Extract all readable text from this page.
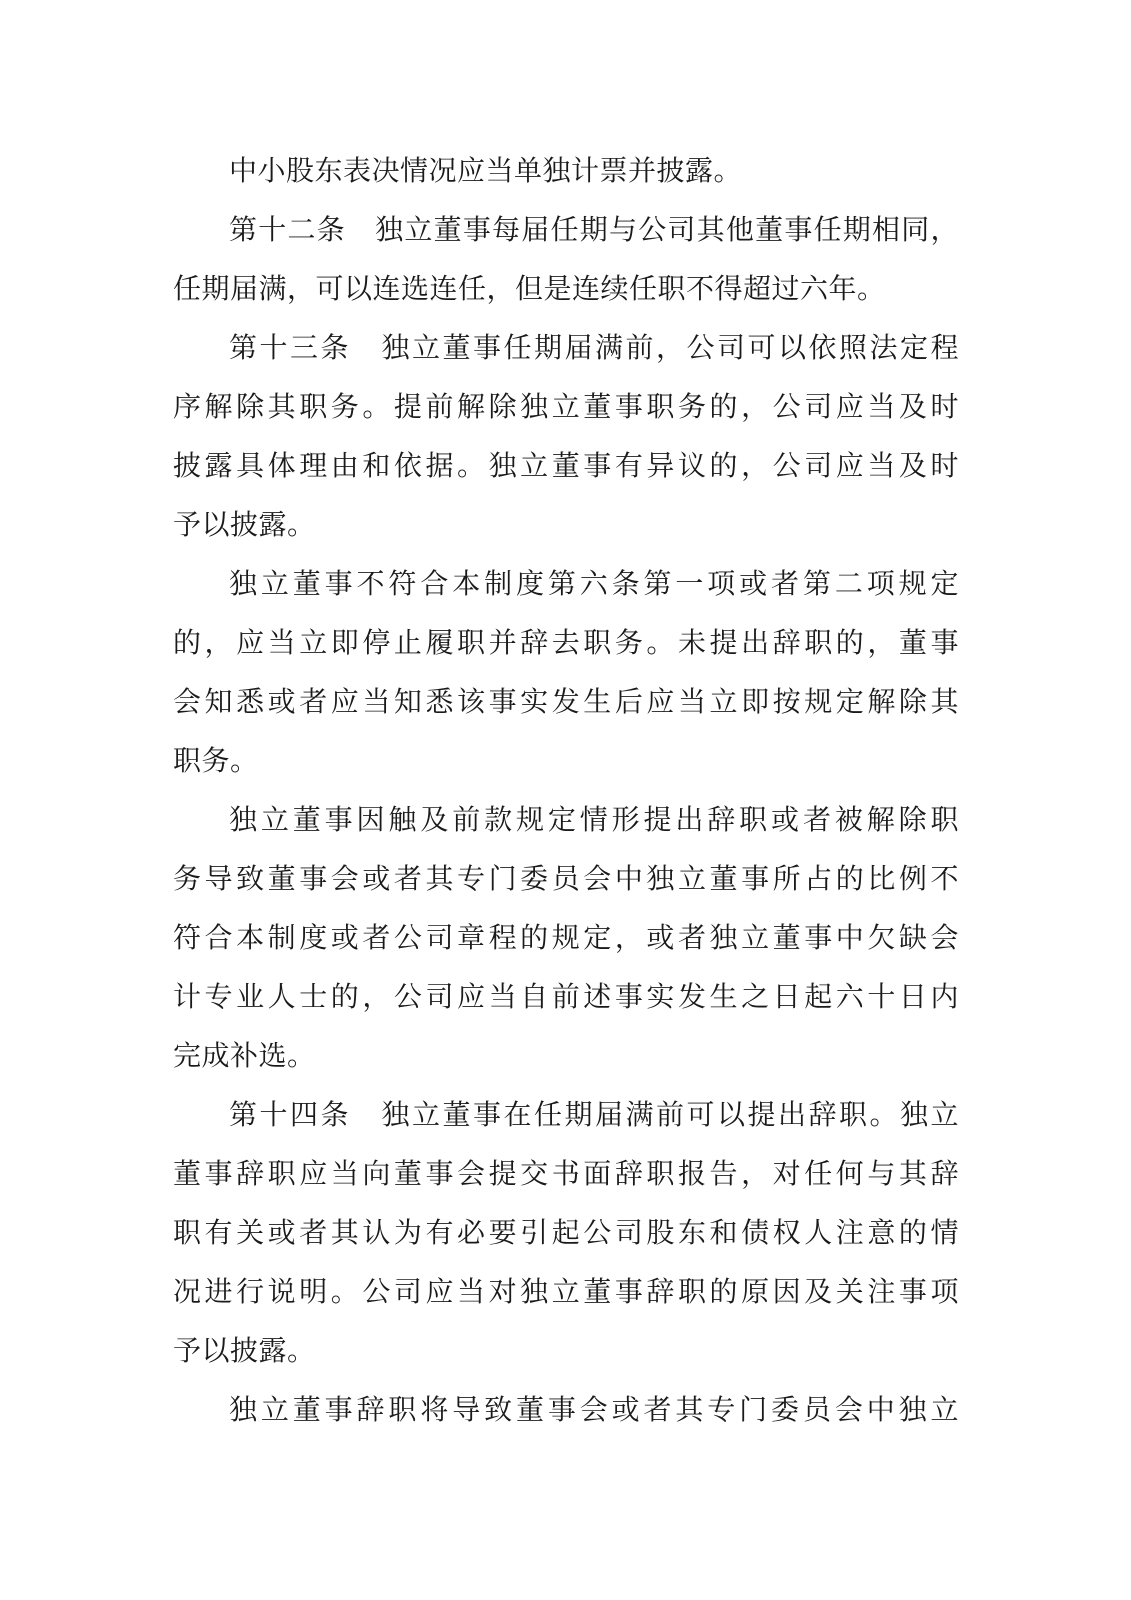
中小股东表决情况应当单独计票并披露。
第十二条　独立董事每届任期与公司其他董事任期相同，
任期届满，可以连选连任，但是连续任职不得超过六年。
第十三条　独立董事任期届满前，公司可以依照法定程
序解除其职务。提前解除独立董事职务的，公司应当及时
披露具体理由和依据。独立董事有异议的，公司应当及时
予以披露。
独立董事不符合本制度第六条第一项或者第二项规定
的，应当立即停止履职并辞去职务。未提出辞职的，董事
会知悉或者应当知悉该事实发生后应当立即按规定解除其
职务。
独立董事因触及前款规定情形提出辞职或者被解除职
务导致董事会或者其专门委员会中独立董事所占的比例不
符合本制度或者公司章程的规定，或者独立董事中欠缺会
计专业人士的，公司应当自前述事实发生之日起六十日内
完成补选。
第十四条　独立董事在任期届满前可以提出辞职。独立
董事辞职应当向董事会提交书面辞职报告，对任何与其辞
职有关或者其认为有必要引起公司股东和债权人注意的情
况进行说明。公司应当对独立董事辞职的原因及关注事项
予以披露。
独立董事辞职将导致董事会或者其专门委员会中独立
